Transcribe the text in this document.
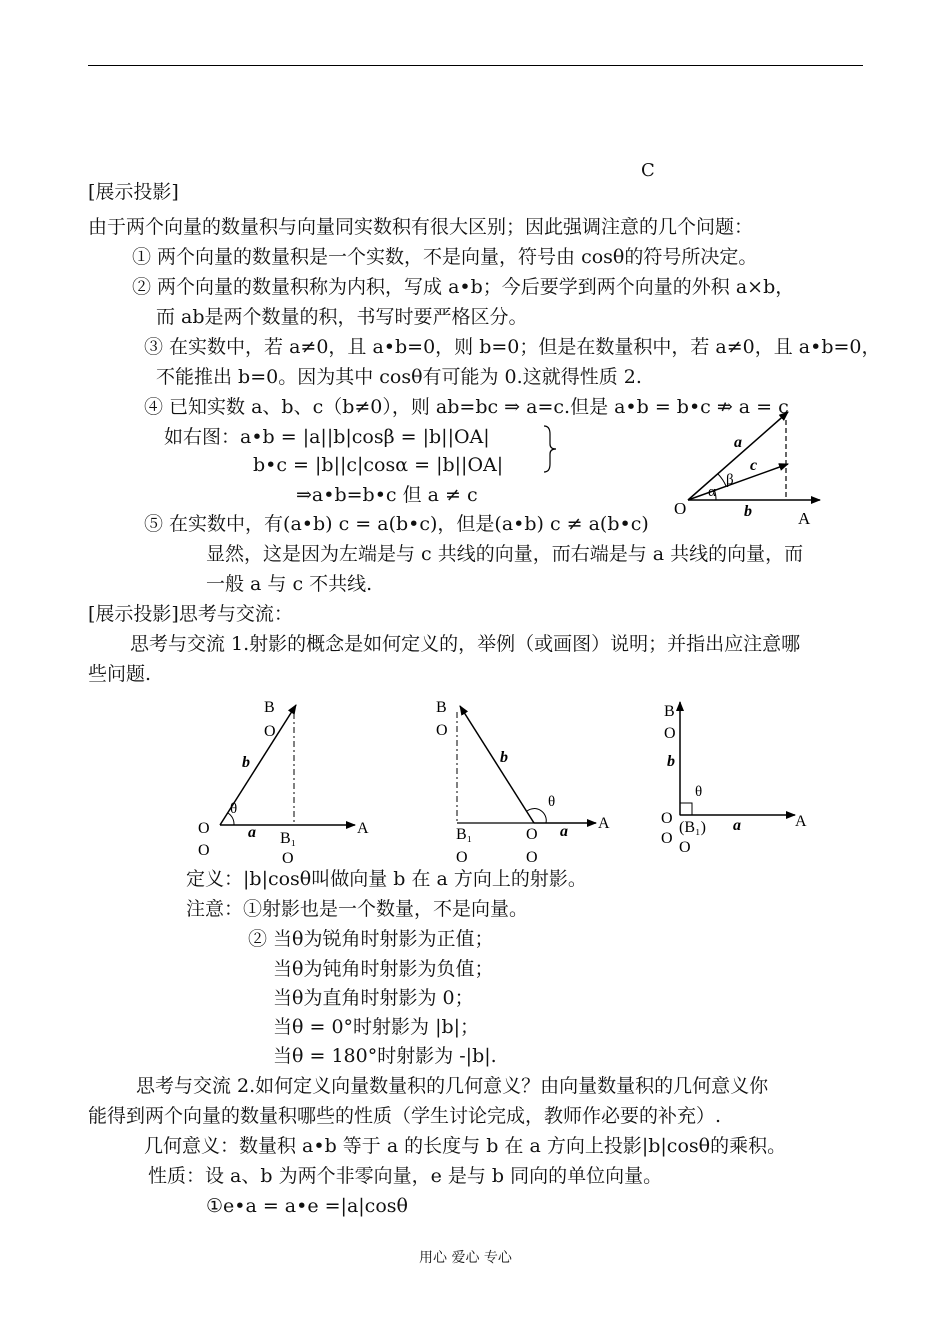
C
[展示投影]
由于两个向量的数量积与向量同实数积有很大区别；因此强调注意的几个问题：
① 两个向量的数量积是一个实数，不是向量，符号由 cosθ的符号所决定。
② 两个向量的数量积称为内积，写成 a•b；今后要学到两个向量的外积 a×b，
而 ab是两个数量的积，书写时要严格区分。
③ 在实数中，若 a≠0，且 a•b=0，则 b=0；但是在数量积中，若 a≠0，且 a•b=0，
不能推出 b=0。因为其中 cosθ有可能为 0.这就得性质 2.
④ 已知实数 a、b、c（b≠0），则 ab=bc ⇒ a=c.但是 a•b = b•c ⇏ a = c
如右图：a•b = |a||b|cosβ = |b||OA|
b•c = |b||c|cosα = |b||OA|
⇒a•b=b•c 但 a ≠ c
a
c
b
α
β
O
A
⑤ 在实数中，有(a•b) c = a(b•c)，但是(a•b) c ≠ a(b•c)
显然，这是因为左端是与 c 共线的向量，而右端是与 a 共线的向量，而
一般 a 与 c 不共线.
[展示投影]思考与交流：
思考与交流 1.射影的概念是如何定义的，举例（或画图）说明；并指出应注意哪
些问题.
B
O
b
θ
O a B₁
A
O	O
B
O
b
θ
B₁	O a A
O	O
B
O
b
θ
O
(B₁) a	A
O
O
定义：|b|cosθ叫做向量 b 在 a 方向上的射影。
注意：①射影也是一个数量，不是向量。
② 当θ为锐角时射影为正值；
当θ为钝角时射影为负值；
当θ为直角时射影为 0；
当θ = 0°时射影为 |b|；
当θ = 180°时射影为 -|b|.
思考与交流 2.如何定义向量数量积的几何意义？由向量数量积的几何意义你
能得到两个向量的数量积哪些的性质（学生讨论完成，教师作必要的补充）.
几何意义：数量积 a•b 等于 a 的长度与 b 在 a 方向上投影|b|cosθ的乘积。
性质：设 a、b 为两个非零向量，e 是与 b 同向的单位向量。
①e•a = a•e =|a|cosθ
用心 爱心 专心
